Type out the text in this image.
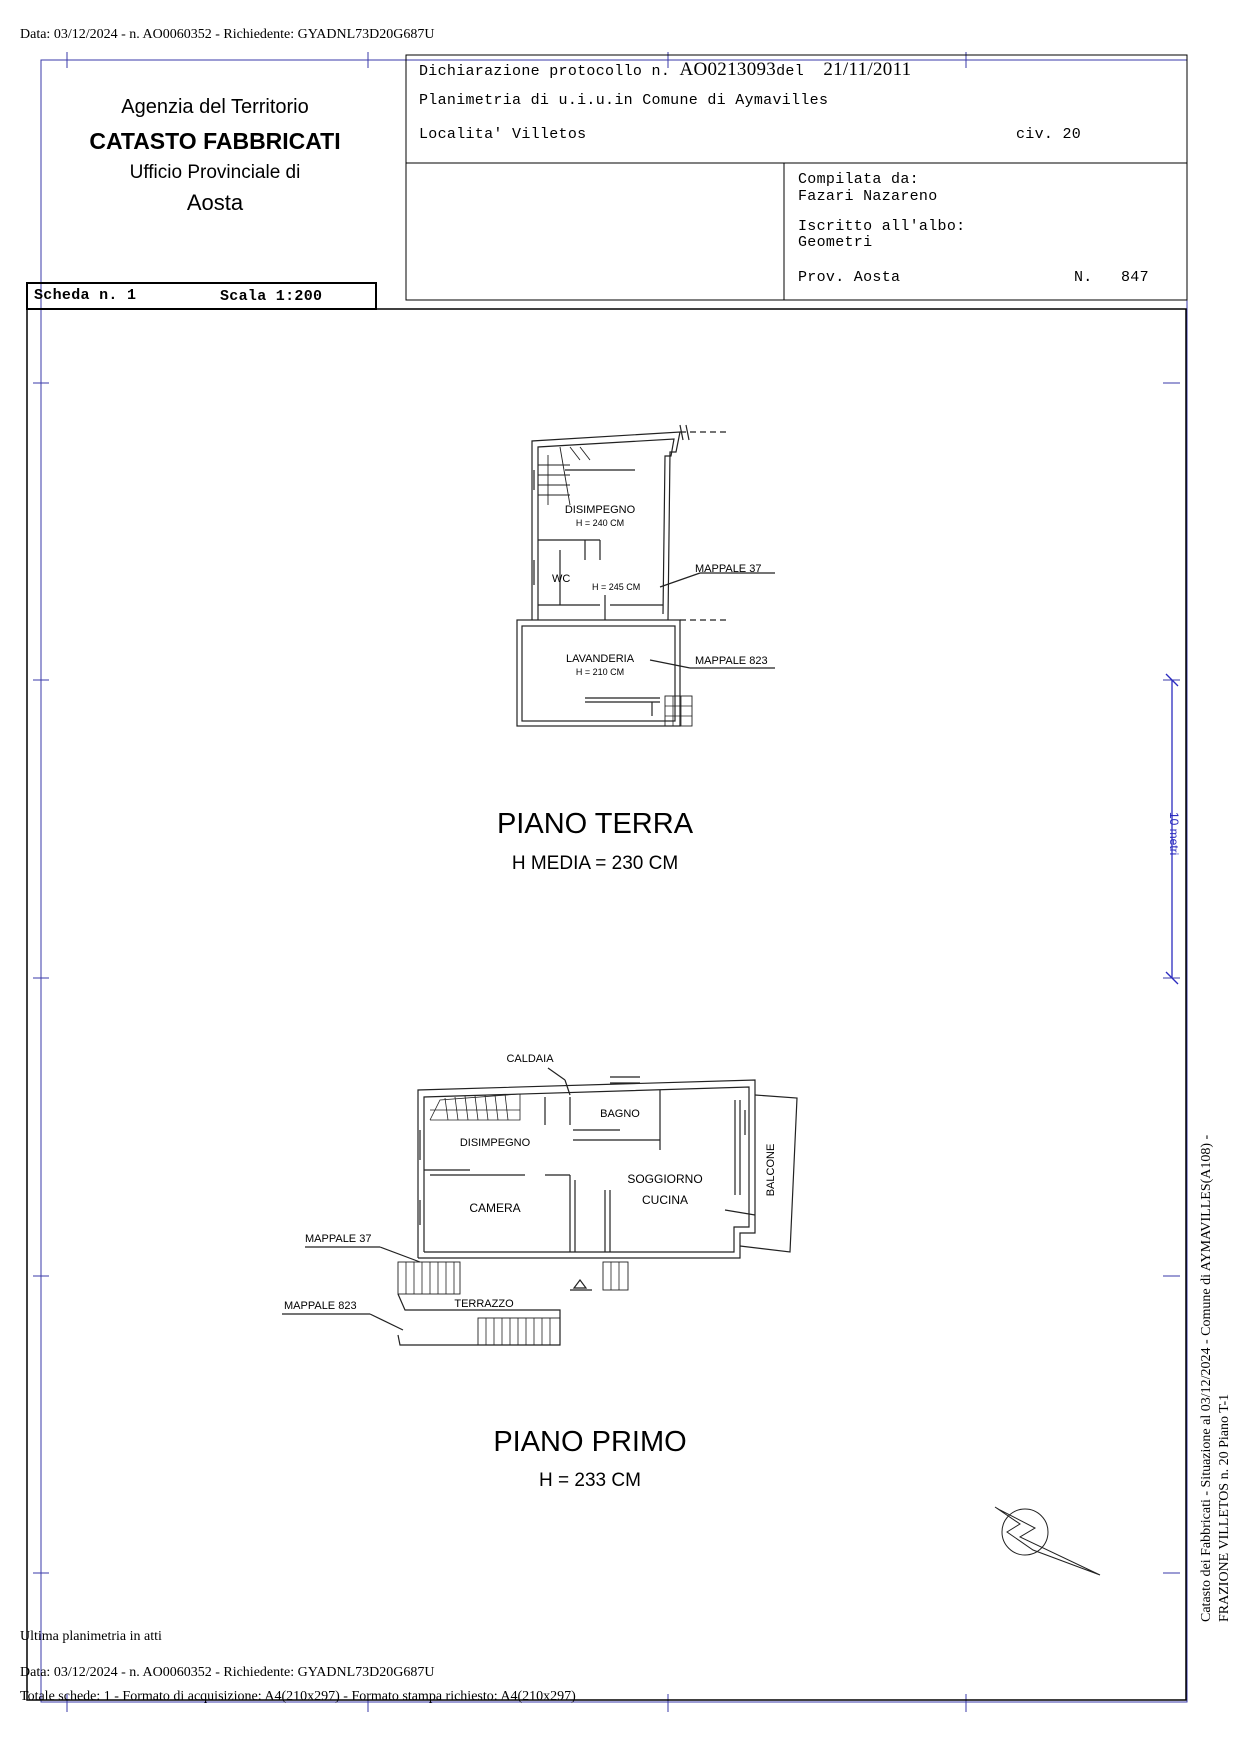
Data: 03/12/2024 - n. AO0060352 - Richiedente: GYADNL73D20G687U
10 metri
Agenzia del Territorio
CATASTO FABBRICATI
Ufficio Provinciale di
Aosta
Dichiarazione protocollo n. AO0213093del 21/11/2011
Planimetria di u.i.u.in Comune di Aymavilles
Localita' Villetos	civ. 20
Compilata da:
Fazari Nazareno
Iscritto all'albo:
Geometri
Prov. Aosta	N. 847
Scheda n. 1	Scala 1:200
DISIMPEGNO
H = 240 CM
WC
H = 245 CM
LAVANDERIA
H = 210 CM
MAPPALE 37
MAPPALE 823
CALDAIA
BAGNO
DISIMPEGNO
SOGGIORNO
CUCINA
BALCONE
CAMERA
MAPPALE 37
MAPPALE 823	TERRAZZO
PIANO TERRA
H MEDIA = 230 CM
PIANO PRIMO
H = 233 CM	Catasto dei Fabbricati - Situazione al 03/12/2024 - Comune di AYMAVILLES(A108) - FRAZIONE VILLETOS n. 20 Piano T-1
Ultima planimetria in atti
Data: 03/12/2024 - n. AO0060352 - Richiedente: GYADNL73D20G687U
Totale schede: 1 - Formato di acquisizione: A4(210x297) - Formato stampa richiesto: A4(210x297)
